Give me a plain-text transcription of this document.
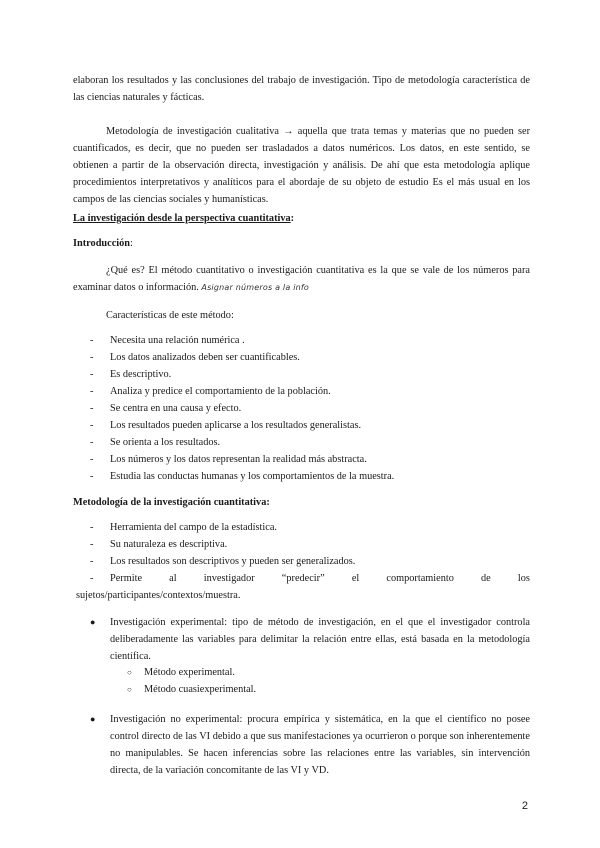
elaboran los resultados y las conclusiones del trabajo de investigación. Tipo de metodología característica de las ciencias naturales y fácticas.

Metodología de investigación cualitativa → aquella que trata temas y materias que no pueden ser cuantificados, es decir, que no pueden ser trasladados a datos numéricos. Los datos, en este sentido, se obtienen a partir de la observación directa, investigación y análisis. De ahí que esta metodología aplique procedimientos interpretativos y analíticos para el abordaje de su objeto de estudio Es el más usual en los campos de las ciencias sociales y humanísticas.

La investigación desde la perspectiva cuantitativa:

Introducción:

¿Qué es? El método cuantitativo o investigación cuantitativa es la que se vale de los números para examinar datos o información. Asignar números a la info

Características de este método:

- Necesita una relación numérica .
- Los datos analizados deben ser cuantificables.
- Es descriptivo.
- Analiza y predice el comportamiento de la población.
- Se centra en una causa y efecto.
- Los resultados pueden aplicarse a los resultados generalistas.
- Se orienta a los resultados.
- Los números y los datos representan la realidad más abstracta.
- Estudia las conductas humanas y los comportamientos de la muestra.

Metodología de la investigación cuantitativa:

- Herramienta del campo de la estadística.
- Su naturaleza es descriptiva.
- Los resultados son descriptivos y pueden ser generalizados.
- Permite	al	investigador	“predecir”	el	comportamiento	de	los
sujetos/participantes/contextos/muestra.
● Investigación experimental: tipo de método de investigación, en el que el investigador controla deliberadamente las variables para delimitar la relación entre ellas, está basada en la metodología científica.
○ Método experimental.
○ Método cuasiexperimental.
● Investigación no experimental: procura empírica y sistemática, en la que el científico no posee control directo de las VI debido a que sus manifestaciones ya ocurrieron o porque son inherentemente no manipulables. Se hacen inferencias sobre las relaciones entre las variables, sin intervención directa, de la variación concomitante de las VI y VD.
2
